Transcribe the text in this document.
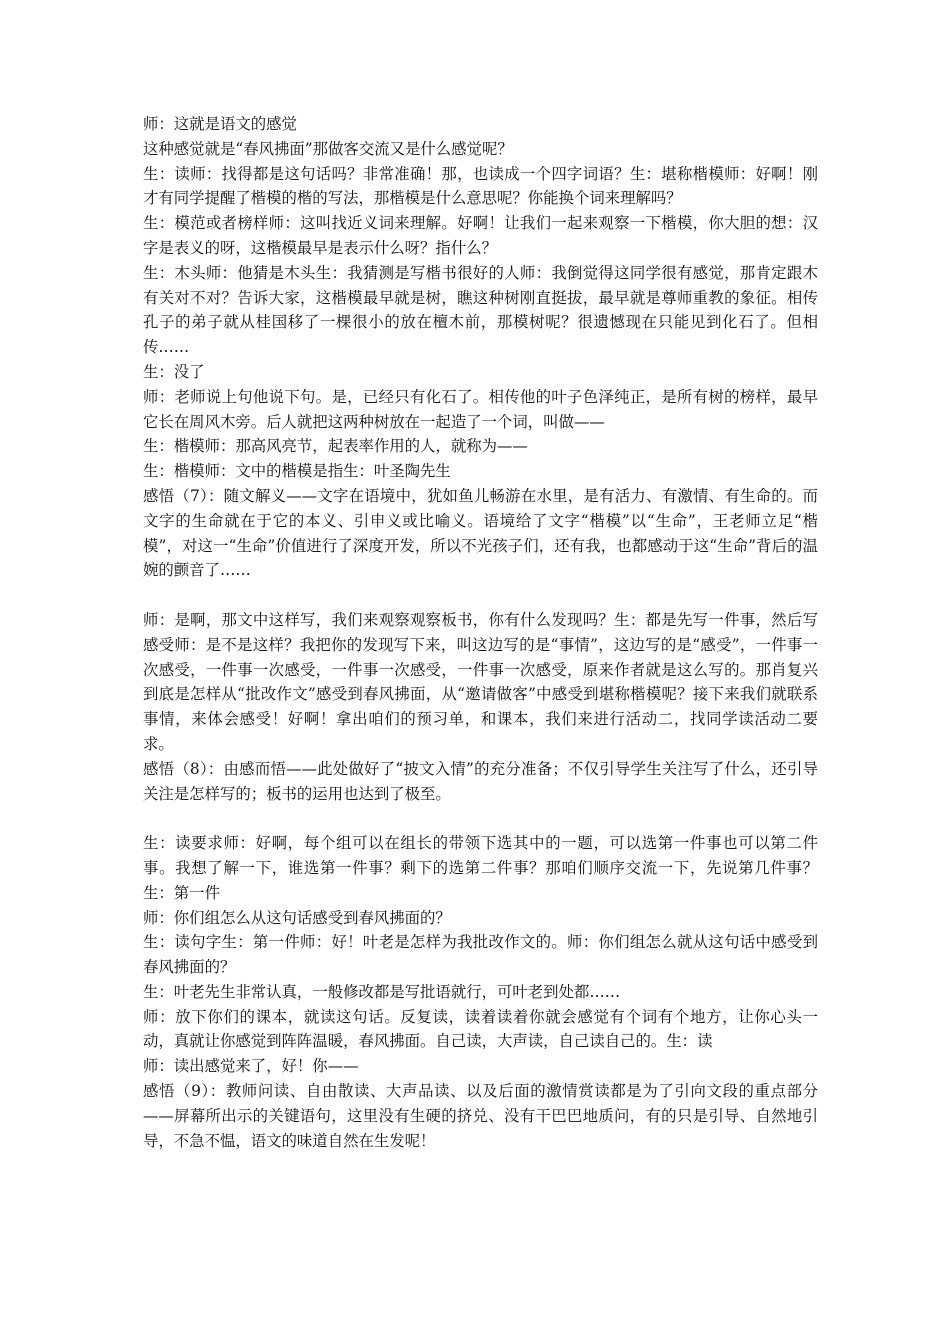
师：这就是语文的感觉

这种感觉就是“春风拂面”那做客交流又是什么感觉呢？

生：读师：找得都是这句话吗？非常准确！那，也读成一个四字词语？生：堪称楷模师：好啊！刚才有同学提醒了楷模的楷的写法，那楷模是什么意思呢？你能换个词来理解吗？

生：模范或者榜样师：这叫找近义词来理解。好啊！让我们一起来观察一下楷模，你大胆的想：汉字是表义的呀，这楷模最早是表示什么呀？指什么？

生：木头师：他猜是木头生：我猜测是写楷书很好的人师：我倒觉得这同学很有感觉，那肯定跟木有关对不对？告诉大家，这楷模最早就是树，瞧这种树刚直挺拔，最早就是尊师重教的象征。相传孔子的弟子就从桂国移了一棵很小的放在檀木前，那模树呢？很遗憾现在只能见到化石了。但相传……

生：没了

师：老师说上句他说下句。是，已经只有化石了。相传他的叶子色泽纯正，是所有树的榜样，最早它长在周风木旁。后人就把这两种树放在一起造了一个词，叫做——

生：楷模师：那高风亮节，起表率作用的人，就称为——

生：楷模师：文中的楷模是指生：叶圣陶先生

感悟（7）：随文解义——文字在语境中，犹如鱼儿畅游在水里，是有活力、有激情、有生命的。而文字的生命就在于它的本义、引申义或比喻义。语境给了文字“楷模”以“生命”，王老师立足“楷模”，对这一“生命”价值进行了深度开发，所以不光孩子们，还有我，也都感动于这“生命”背后的温婉的颤音了……

师：是啊，那文中这样写，我们来观察观察板书，你有什么发现吗？生：都是先写一件事，然后写感受师：是不是这样？我把你的发现写下来，叫这边写的是“事情”，这边写的是“感受”，一件事一次感受，一件事一次感受，一件事一次感受，一件事一次感受，原来作者就是这么写的。那肖复兴到底是怎样从“批改作文”感受到春风拂面，从“邀请做客”中感受到堪称楷模呢？接下来我们就联系事情，来体会感受！好啊！拿出咱们的预习单，和课本，我们来进行活动二，找同学读活动二要求。

感悟（8）：由感而悟——此处做好了“披文入情”的充分准备；不仅引导学生关注写了什么，还引导关注是怎样写的；板书的运用也达到了极至。

生：读要求师：好啊，每个组可以在组长的带领下选其中的一题，可以选第一件事也可以第二件事。我想了解一下，谁选第一件事？剩下的选第二件事？那咱们顺序交流一下，先说第几件事？生：第一件

师：你们组怎么从这句话感受到春风拂面的？

生：读句字生：第一件师：好！叶老是怎样为我批改作文的。师：你们组怎么就从这句话中感受到春风拂面的？

生：叶老先生非常认真，一般修改都是写批语就行，可叶老到处都……

师：放下你们的课本，就读这句话。反复读，读着读着你就会感觉有个词有个地方，让你心头一动，真就让你感觉到阵阵温暖，春风拂面。自己读，大声读，自己读自己的。生：读

师：读出感觉来了，好！你——

感悟（9）：教师问读、自由散读、大声品读、以及后面的激情赏读都是为了引向文段的重点部分——屏幕所出示的关键语句，这里没有生硬的挤兑、没有干巴巴地质问，有的只是引导、自然地引导，不急不愠，语文的味道自然在生发呢！
